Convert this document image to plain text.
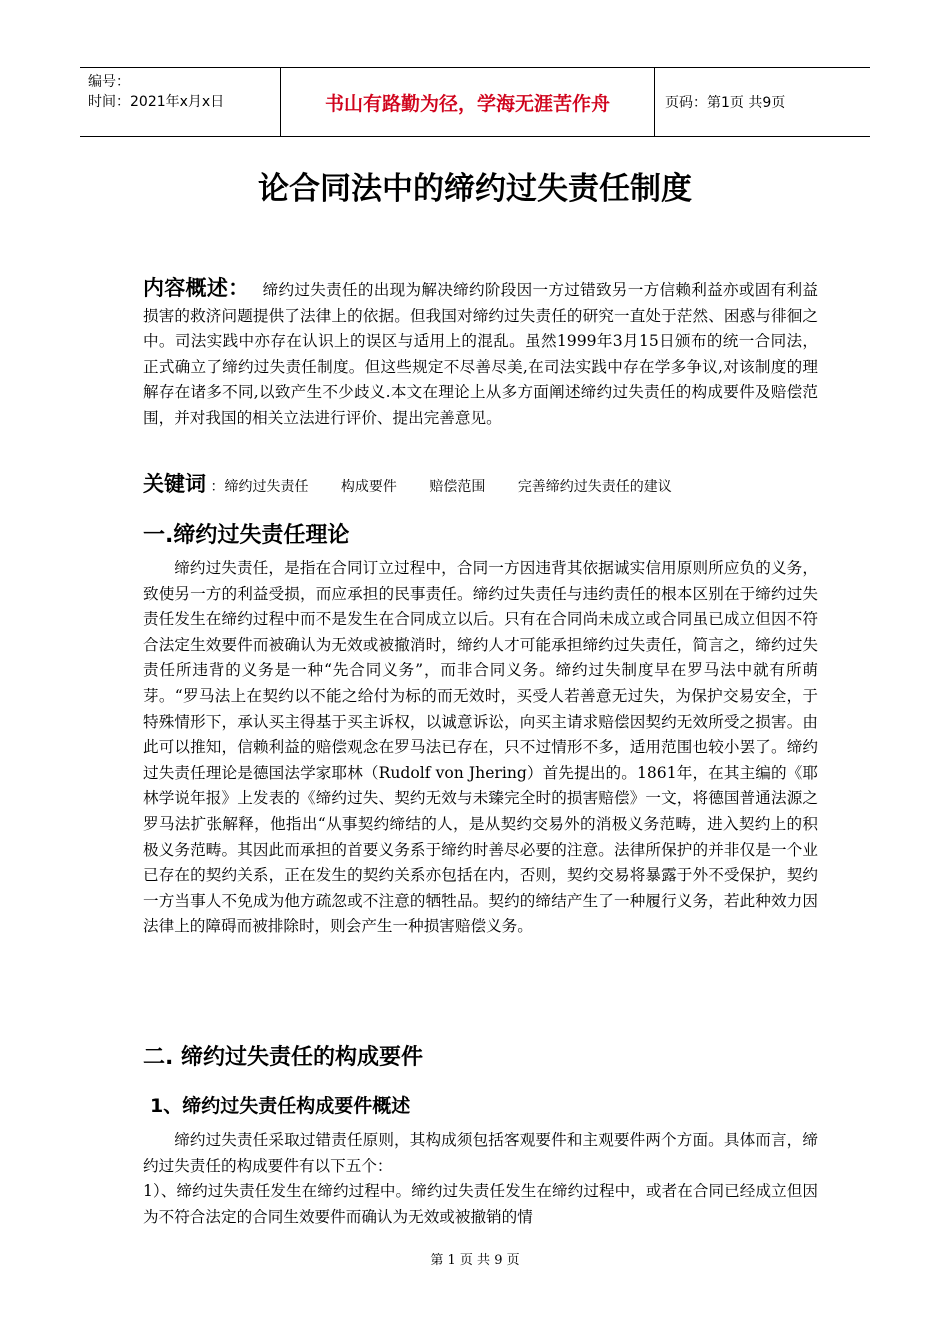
编号：
时间：2021年x月x日	书山有路勤为径，学海无涯苦作舟	页码：第1页 共9页
论合同法中的缔约过失责任制度

内容概述： 缔约过失责任的出现为解决缔约阶段因一方过错致另一方信赖利益亦或固有利益损害的救济问题提供了法律上的依据。但我国对缔约过失责任的研究一直处于茫然、困惑与徘徊之中。司法实践中亦存在认识上的误区与适用上的混乱。虽然1999年3月15日颁布的统一合同法，正式确立了缔约过失责任制度。但这些规定不尽善尽美,在司法实践中存在学多争议,对该制度的理解存在诸多不同,以致产生不少歧义.本文在理论上从多方面阐述缔约过失责任的构成要件及赔偿范围，并对我国的相关立法进行评价、提出完善意见。

关键词 ：缔约过失责任 构成要件 赔偿范围 完善缔约过失责任的建议
一.缔约过失责任理论

缔约过失责任，是指在合同订立过程中，合同一方因违背其依据诚实信用原则所应负的义务，致使另一方的利益受损，而应承担的民事责任。缔约过失责任与违约责任的根本区别在于缔约过失责任发生在缔约过程中而不是发生在合同成立以后。只有在合同尚未成立或合同虽已成立但因不符合法定生效要件而被确认为无效或被撤消时，缔约人才可能承担缔约过失责任，简言之，缔约过失责任所违背的义务是一种“先合同义务”，而非合同义务。缔约过失制度早在罗马法中就有所萌芽。“罗马法上在契约以不能之给付为标的而无效时，买受人若善意无过失，为保护交易安全，于特殊情形下，承认买主得基于买主诉权，以诚意诉讼，向买主请求赔偿因契约无效所受之损害。由此可以推知，信赖利益的赔偿观念在罗马法已存在，只不过情形不多，适用范围也较小罢了。缔约过失责任理论是德国法学家耶林（Rudolf von Jhering）首先提出的。1861年，在其主编的《耶林学说年报》上发表的《缔约过失、契约无效与未臻完全时的损害赔偿》一文，将德国普通法源之罗马法扩张解释，他指出“从事契约缔结的人，是从契约交易外的消极义务范畴，进入契约上的积极义务范畴。其因此而承担的首要义务系于缔约时善尽必要的注意。法律所保护的并非仅是一个业已存在的契约关系，正在发生的契约关系亦包括在内，否则，契约交易将暴露于外不受保护，契约一方当事人不免成为他方疏忽或不注意的牺牲品。契约的缔结产生了一种履行义务，若此种效力因法律上的障碍而被排除时，则会产生一种损害赔偿义务。

二. 缔约过失责任的构成要件
1、缔约过失责任构成要件概述

缔约过失责任采取过错责任原则，其构成须包括客观要件和主观要件两个方面。具体而言，缔约过失责任的构成要件有以下五个：

1）、缔约过失责任发生在缔约过程中。缔约过失责任发生在缔约过程中，或者在合同已经成立但因为不符合法定的合同生效要件而确认为无效或被撤销的情

第 1 页 共 9 页
